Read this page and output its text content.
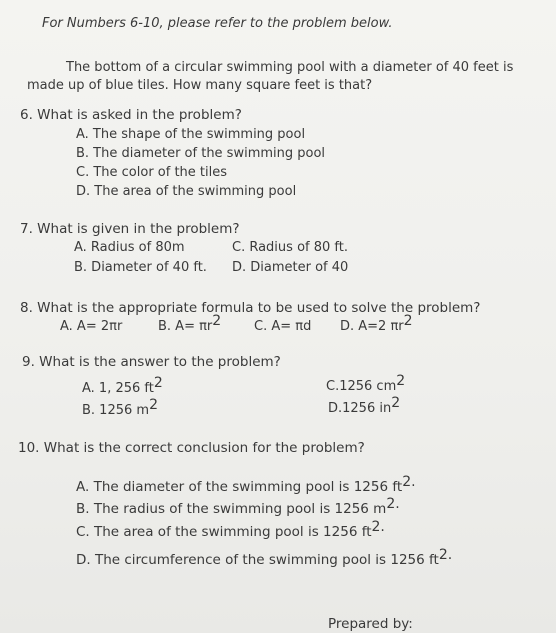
For Numbers 6-10, please refer to the problem below.
The bottom of a circular swimming pool with a diameter of 40 feet is
made up of blue tiles. How many square feet is that?
6. What is asked in the problem?
A. The shape of the swimming pool
B. The diameter of the swimming pool
C. The color of the tiles
D. The area of the swimming pool
7. What is given in the problem?
A. Radius of 80m	C. Radius of 80 ft.
B. Diameter of 40 ft. D. Diameter of 40
8. What is the appropriate formula to be used to solve the problem?
A. A= 2πr	B. $A= \pi r^2$	C. A= πd D. A=2 $\pi r^2$
9. What is the answer to the problem?
A. 1, 256 $ft^2$	C.1256 $cm^2$
B. 1256 $m^2$	D.1256 $in^2$
10. What is the correct conclusion for the problem?
A. The diameter of the swimming pool is 1256 $ft^{2.}$
B. The radius of the swimming pool is 1256 $m^{2.}$
C. The area of the swimming pool is 1256 $ft^{2.}$
D. The circumference of the swimming pool is 1256 $ft^{2.}$
Prepared by:
